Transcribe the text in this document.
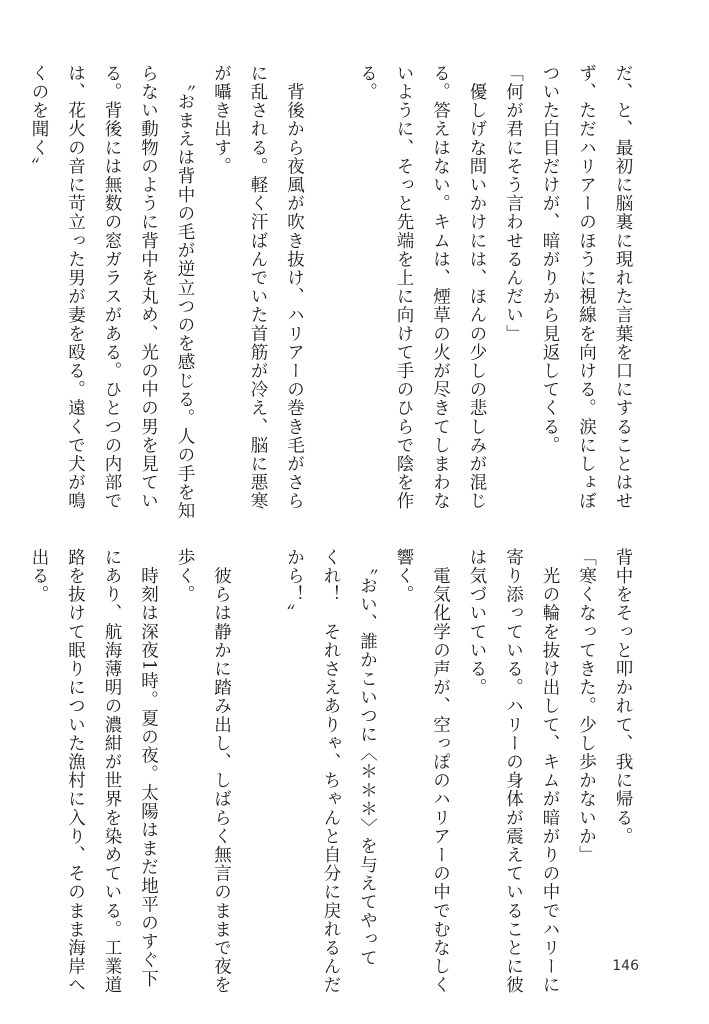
だ、と、最初に脳裏に現れた言葉を口にすることはせ

ず、ただハリアーのほうに視線を向ける。涙にしょぼ

ついた白目だけが、暗がりから見返してくる。

「何が君にそう言わせるんだい」

　優しげな問いかけには、ほんの少しの悲しみが混じ

る。答えはない。キムは、煙草の火が尽きてしまわな

いように、そっと先端を上に向けて手のひらで陰を作

る。

　背後から夜風が吹き抜け、ハリアーの巻き毛がさら

に乱される。軽く汗ばんでいた首筋が冷え、脳に悪寒

が囁き出す。

　〝おまえは背中の毛が逆立つのを感じる。人の手を知

らない動物のように背中を丸め、光の中の男を見てい

る。背後には無数の窓ガラスがある。ひとつの内部で

は、花火の音に苛立った男が妻を殴る。遠くで犬が鳴

くのを聞く〟

背中をそっと叩かれて、我に帰る。

「寒くなってきた。少し歩かないか」

　光の輪を抜け出して、キムが暗がりの中でハリーに

寄り添っている。ハリーの身体が震えていることに彼

は気づいている。

　電気化学の声が、空っぽのハリアーの中でむなしく

響く。

　〝おい、誰かこいつに〈＊＊＊〉を与えてやって

くれ！　それさえありゃ、ちゃんと自分に戻れるんだ

から！〟

　彼らは静かに踏み出し、しばらく無言のままで夜を

歩く。

　時刻は深夜1時。夏の夜。太陽はまだ地平のすぐ下

にあり、航海薄明の濃紺が世界を染めている。工業道

路を抜けて眠りについた漁村に入り、そのまま海岸へ

出る。

146
